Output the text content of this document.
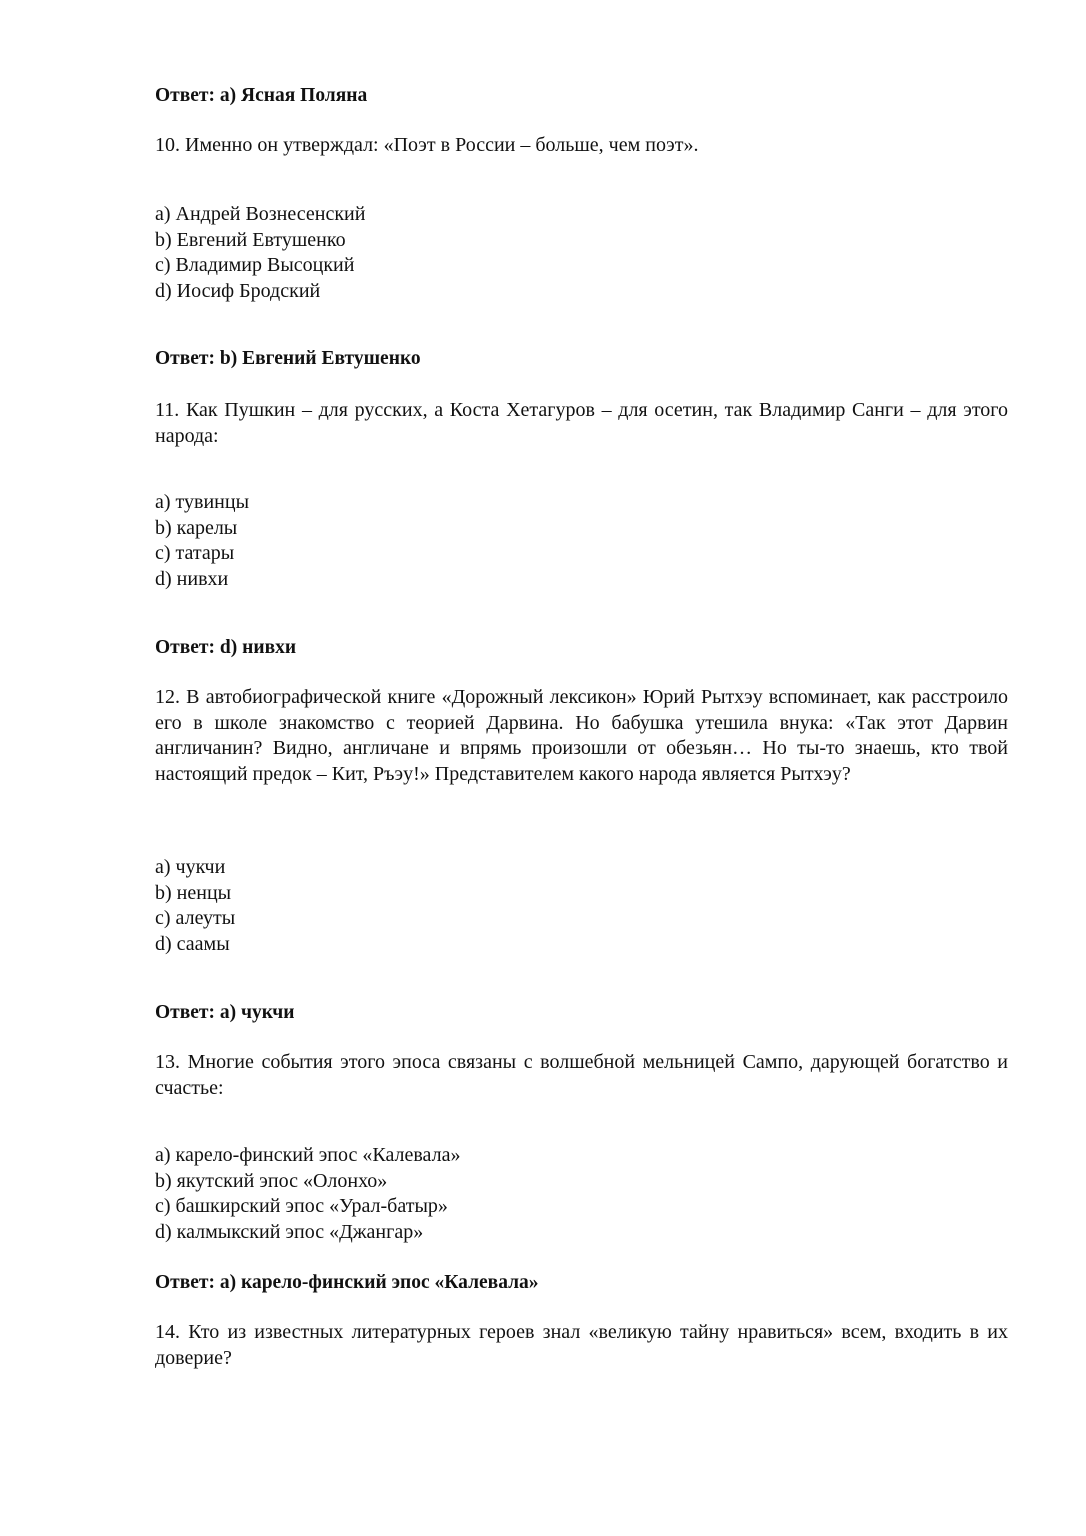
Ответ: а) Ясная Поляна
10. Именно он утверждал: «Поэт в России – больше, чем поэт».
a) Андрей Вознесенский
b) Евгений Евтушенко
c) Владимир Высоцкий
d) Иосиф Бродский
Ответ: b) Евгений Евтушенко
11. Как Пушкин – для русских, а Коста Хетагуров – для осетин, так Владимир Санги – для этого народа:
a) тувинцы
b) карелы
c) татары
d) нивхи
Ответ: d) нивхи
12. В автобиографической книге «Дорожный лексикон» Юрий Рытхэу вспоминает, как расстроило его в школе знакомство с теорией Дарвина. Но бабушка утешила внука: «Так этот Дарвин англичанин? Видно, англичане и впрямь произошли от обезьян… Но ты-то знаешь, кто твой настоящий предок – Кит, Ръэу!» Представителем какого народа является Рытхэу?
a) чукчи
b) ненцы
c) алеуты
d) саамы
Ответ: а) чукчи
13. Многие события этого эпоса связаны с волшебной мельницей Сампо, дарующей богатство и счастье:
a) карело-финский эпос «Калевала»
b) якутский эпос «Олонхо»
c) башкирский эпос «Урал-батыр»
d) калмыкский эпос «Джангар»
Ответ: а) карело-финский эпос «Калевала»
14. Кто из известных литературных героев знал «великую тайну нравиться» всем, входить в их доверие?
